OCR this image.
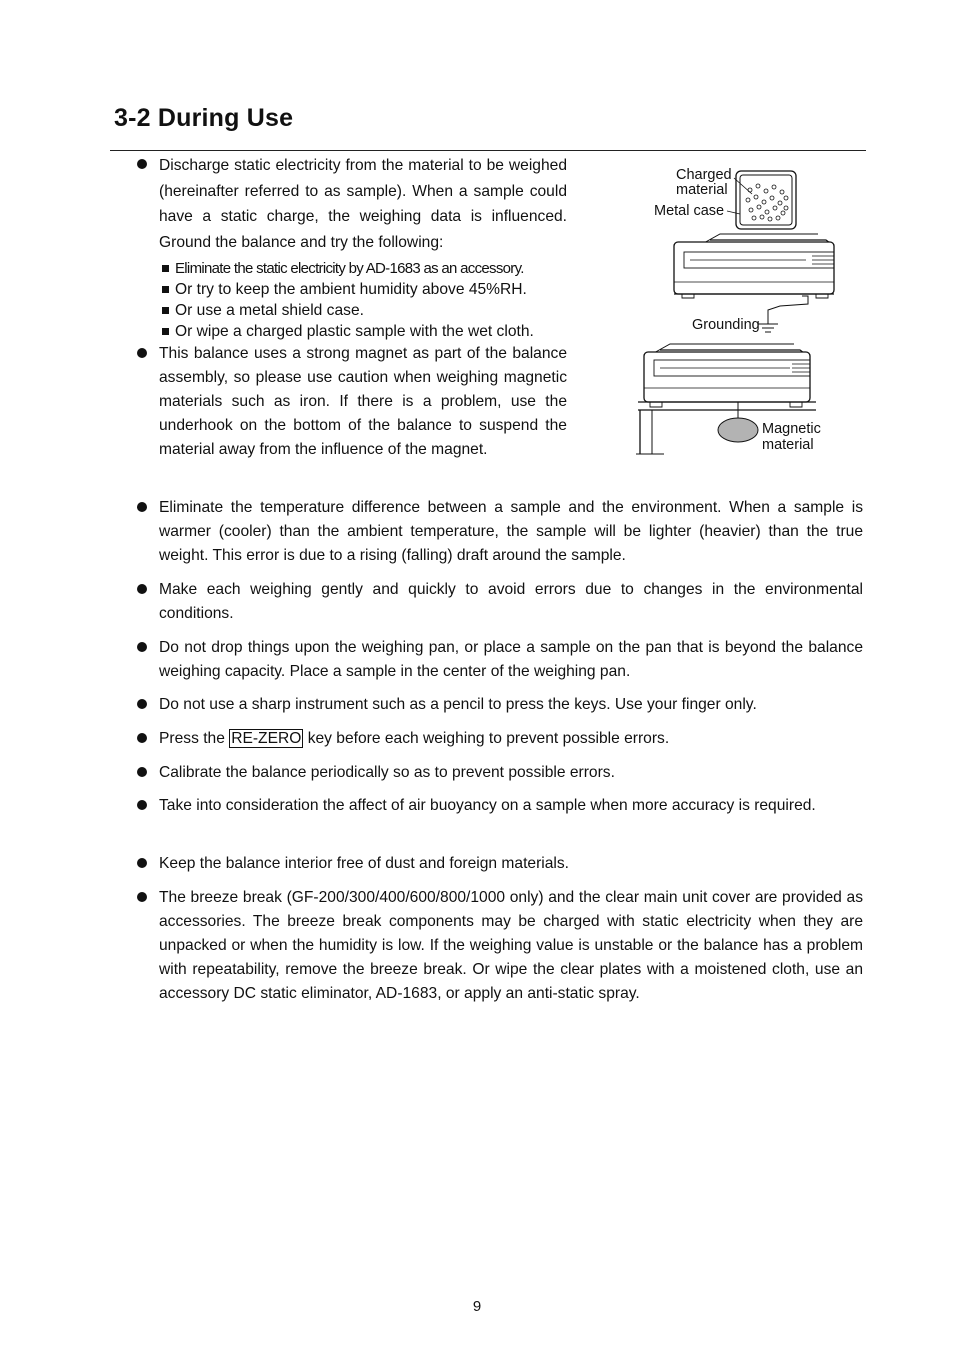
3-2 During Use
Discharge static electricity from the material to be weighed (hereinafter referred to as sample). When a sample could have a static charge, the weighing data is influenced. Ground the balance and try the following:
Eliminate the static electricity by AD-1683 as an accessory.
Or try to keep the ambient humidity above 45%RH.
Or use a metal shield case.
Or wipe a charged plastic sample with the wet cloth.
This balance uses a strong magnet as part of the balance assembly, so please use caution when weighing magnetic materials such as iron. If there is a problem, use the underhook on the bottom of the balance to suspend the material away from the influence of the magnet.
Charged
material
Metal case
Grounding
Magnetic
material
Eliminate the temperature difference between a sample and the environment. When a sample is warmer (cooler) than the ambient temperature, the sample will be lighter (heavier) than the true weight. This error is due to a rising (falling) draft around the sample.
Make each weighing gently and quickly to avoid errors due to changes in the environmental conditions.
Do not drop things upon the weighing pan, or place a sample on the pan that is beyond the balance weighing capacity. Place a sample in the center of the weighing pan.
Do not use a sharp instrument such as a pencil to press the keys. Use your finger only.
Press the RE-ZERO key before each weighing to prevent possible errors.
Calibrate the balance periodically so as to prevent possible errors.
Take into consideration the affect of air buoyancy on a sample when more accuracy is required.
Keep the balance interior free of dust and foreign materials.
The breeze break (GF-200/300/400/600/800/1000 only) and the clear main unit cover are provided as accessories. The breeze break components may be charged with static electricity when they are unpacked or when the humidity is low. If the weighing value is unstable or the balance has a problem with repeatability, remove the breeze break. Or wipe the clear plates with a moistened cloth, use an accessory DC static eliminator, AD-1683, or apply an anti-static spray.
9
